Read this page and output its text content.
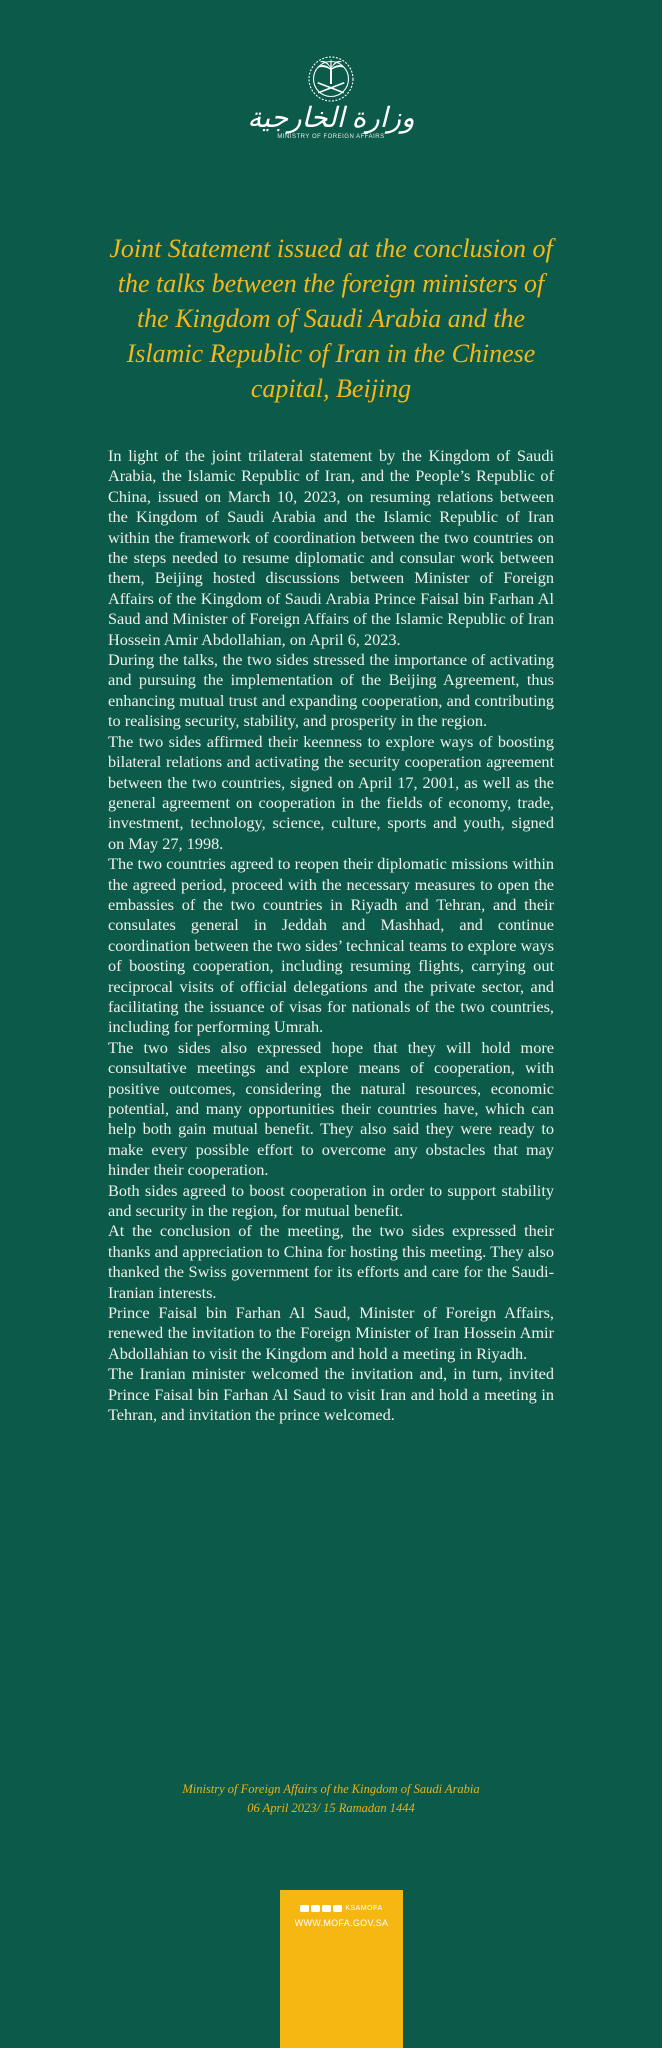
وزارة الخارجية
MINISTRY OF FOREIGN AFFAIRS
Joint Statement issued at the conclusion of the talks between the foreign ministers of the Kingdom of Saudi Arabia and the Islamic Republic of Iran in the Chinese capital, Beijing

In light of the joint trilateral statement by the Kingdom of Saudi Arabia, the Islamic Republic of Iran, and the People’s Republic of China, issued on March 10, 2023, on resuming relations between the Kingdom of Saudi Arabia and the Islamic Republic of Iran within the framework of coordination between the two countries on the steps needed to resume diplomatic and consular work between them, Beijing hosted discussions between Minister of Foreign Affairs of the Kingdom of Saudi Arabia Prince Faisal bin Farhan Al Saud and Minister of Foreign Affairs of the Islamic Republic of Iran Hossein Amir Abdollahian, on April 6, 2023.

During the talks, the two sides stressed the importance of activating and pursuing the implementation of the Beijing Agreement, thus enhancing mutual trust and expanding cooperation, and contributing to realising security, stability, and prosperity in the region.

The two sides affirmed their keenness to explore ways of boosting bilateral relations and activating the security cooperation agreement between the two countries, signed on April 17, 2001, as well as the general agreement on cooperation in the fields of economy, trade, investment, technology, science, culture, sports and youth, signed on May 27, 1998.

The two countries agreed to reopen their diplomatic missions within the agreed period, proceed with the necessary measures to open the embassies of the two countries in Riyadh and Tehran, and their consulates general in Jeddah and Mashhad, and continue coordination between the two sides’ technical teams to explore ways of boosting cooperation, including resuming flights, carrying out reciprocal visits of official delegations and the private sector, and facilitating the issuance of visas for nationals of the two countries, including for performing Umrah.

The two sides also expressed hope that they will hold more consultative meetings and explore means of cooperation, with positive outcomes, considering the natural resources, economic potential, and many opportunities their countries have, which can help both gain mutual benefit. They also said they were ready to make every possible effort to overcome any obstacles that may hinder their cooperation.

Both sides agreed to boost cooperation in order to support stability and security in the region, for mutual benefit.

At the conclusion of the meeting, the two sides expressed their thanks and appreciation to China for hosting this meeting. They also thanked the Swiss government for its efforts and care for the Saudi-Iranian interests.

Prince Faisal bin Farhan Al Saud, Minister of Foreign Affairs, renewed the invitation to the Foreign Minister of Iran Hossein Amir Abdollahian to visit the Kingdom and hold a meeting in Riyadh.

The Iranian minister welcomed the invitation and, in turn, invited Prince Faisal bin Farhan Al Saud to visit Iran and hold a meeting in Tehran, and invitation the prince welcomed.

Ministry of Foreign Affairs of the Kingdom of Saudi Arabia
06 April 2023/ 15 Ramadan 1444
KSAMOFA
WWW.MOFA.GOV.SA
